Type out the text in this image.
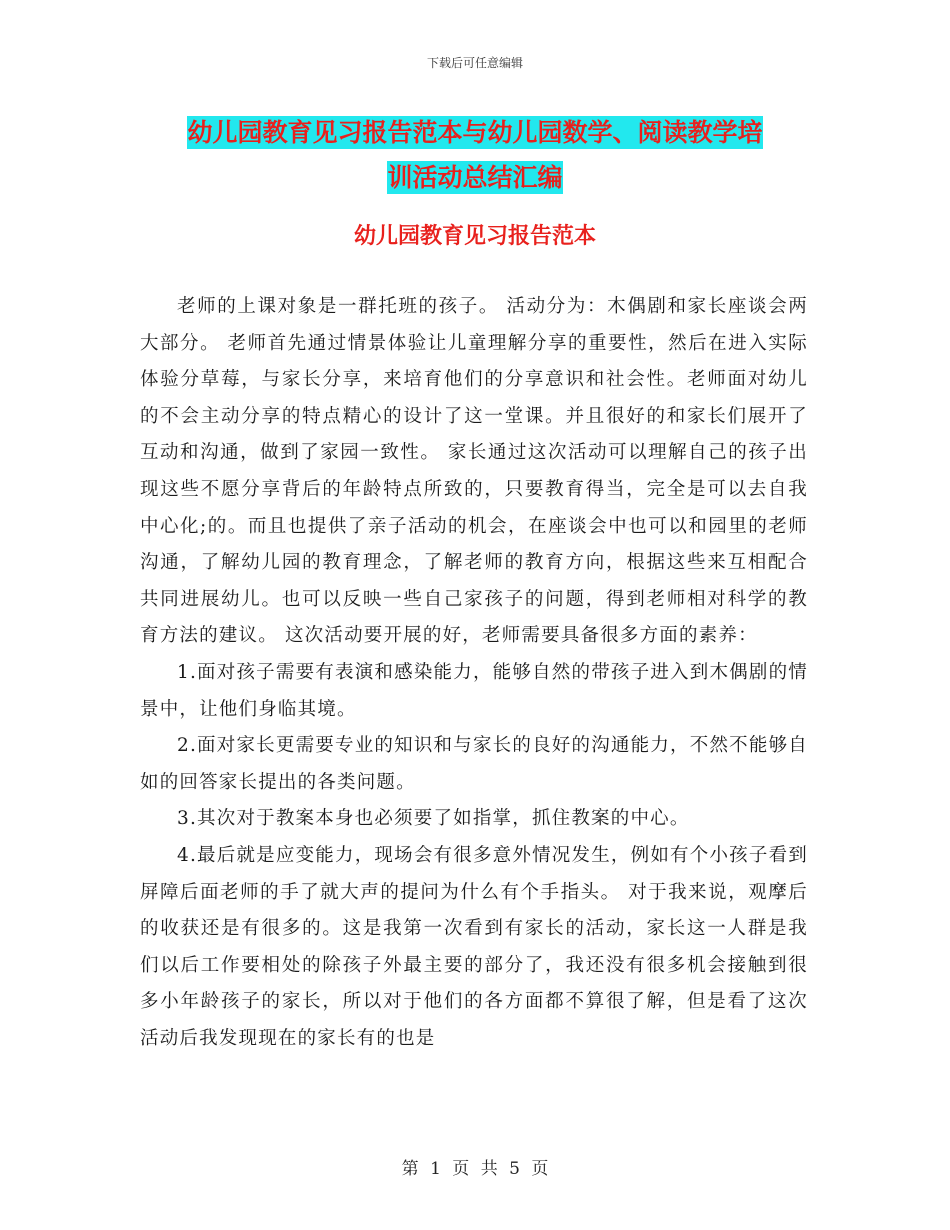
下载后可任意编辑
幼儿园教育见习报告范本与幼儿园数学、阅读教学培
训活动总结汇编
幼儿园教育见习报告范本

老师的上课对象是一群托班的孩子。 活动分为：木偶剧和家长座谈会两大部分。 老师首先通过情景体验让儿童理解分享的重要性，然后在进入实际体验分草莓，与家长分享，来培育他们的分享意识和社会性。老师面对幼儿的不会主动分享的特点精心的设计了这一堂课。并且很好的和家长们展开了互动和沟通，做到了家园一致性。 家长通过这次活动可以理解自己的孩子出现这些不愿分享背后的年龄特点所致的，只要教育得当，完全是可以去自我中心化;的。而且也提供了亲子活动的机会，在座谈会中也可以和园里的老师沟通，了解幼儿园的教育理念，了解老师的教育方向，根据这些来互相配合共同进展幼儿。也可以反映一些自己家孩子的问题，得到老师相对科学的教育方法的建议。 这次活动要开展的好，老师需要具备很多方面的素养：

1.面对孩子需要有表演和感染能力，能够自然的带孩子进入到木偶剧的情景中，让他们身临其境。

2.面对家长更需要专业的知识和与家长的良好的沟通能力，不然不能够自如的回答家长提出的各类问题。

3.其次对于教案本身也必须要了如指掌，抓住教案的中心。

4.最后就是应变能力，现场会有很多意外情况发生，例如有个小孩子看到屏障后面老师的手了就大声的提问为什么有个手指头。 对于我来说，观摩后的收获还是有很多的。这是我第一次看到有家长的活动，家长这一人群是我们以后工作要相处的除孩子外最主要的部分了，我还没有很多机会接触到很多小年龄孩子的家长，所以对于他们的各方面都不算很了解，但是看了这次活动后我发现现在的家长有的也是

第 1 页 共 5 页
